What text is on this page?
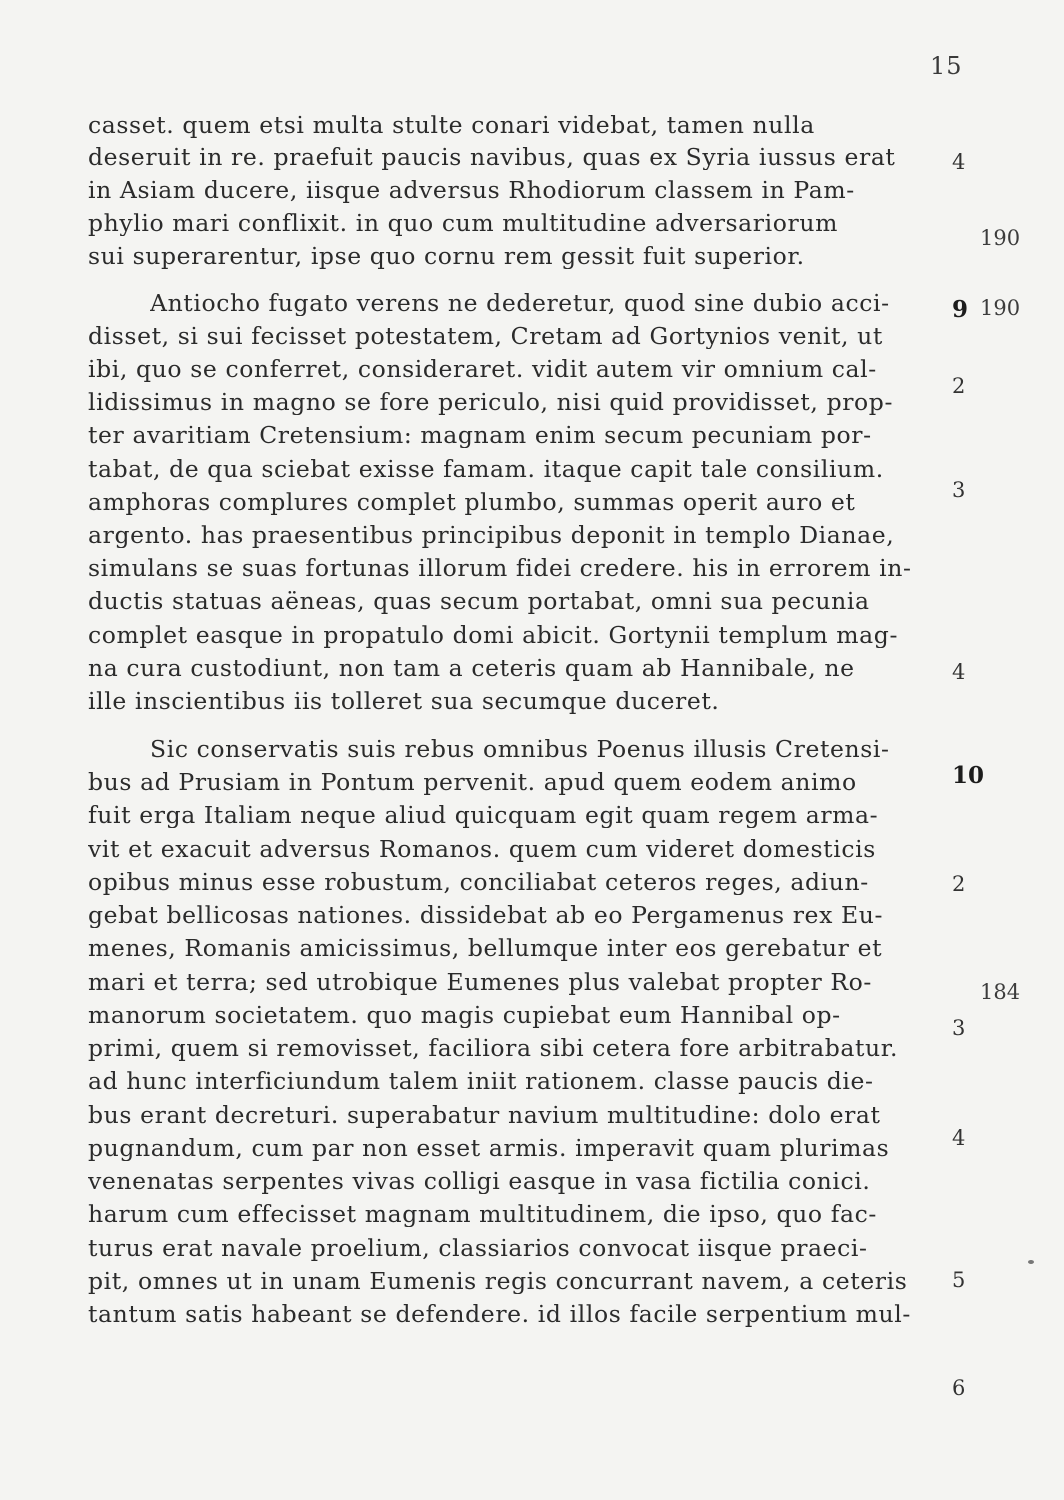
15
casset. quem etsi multa stulte conari videbat, tamen nulla
deseruit in re. praefuit paucis navibus, quas ex Syria iussus erat
in Asiam ducere, iisque adversus Rhodiorum classem in Pam-
phylio mari conflixit. in quo cum multitudine adversariorum
sui superarentur, ipse quo cornu rem gessit fuit superior.
Antiocho fugato verens ne dederetur, quod sine dubio acci-
disset, si sui fecisset potestatem, Cretam ad Gortynios venit, ut
ibi, quo se conferret, consideraret. vidit autem vir omnium cal-
lidissimus in magno se fore periculo, nisi quid providisset, prop-
ter avaritiam Cretensium: magnam enim secum pecuniam por-
tabat, de qua sciebat exisse famam. itaque capit tale consilium.
amphoras complures complet plumbo, summas operit auro et
argento. has praesentibus principibus deponit in templo Dianae,
simulans se suas fortunas illorum fidei credere. his in errorem in-
ductis statuas aëneas, quas secum portabat, omni sua pecunia
complet easque in propatulo domi abicit. Gortynii templum mag-
na cura custodiunt, non tam a ceteris quam ab Hannibale, ne
ille inscientibus iis tolleret sua secumque duceret.
Sic conservatis suis rebus omnibus Poenus illusis Cretensi-
bus ad Prusiam in Pontum pervenit. apud quem eodem animo
fuit erga Italiam neque aliud quicquam egit quam regem arma-
vit et exacuit adversus Romanos. quem cum videret domesticis
opibus minus esse robustum, conciliabat ceteros reges, adiun-
gebat bellicosas nationes. dissidebat ab eo Pergamenus rex Eu-
menes, Romanis amicissimus, bellumque inter eos gerebatur et
mari et terra; sed utrobique Eumenes plus valebat propter Ro-
manorum societatem. quo magis cupiebat eum Hannibal op-
primi, quem si removisset, faciliora sibi cetera fore arbitrabatur.
ad hunc interficiundum talem iniit rationem. classe paucis die-
bus erant decreturi. superabatur navium multitudine: dolo erat
pugnandum, cum par non esset armis. imperavit quam plurimas
venenatas serpentes vivas colligi easque in vasa fictilia conici.
harum cum effecisset magnam multitudinem, die ipso, quo fac-
turus erat navale proelium, classiarios convocat iisque praeci-
pit, omnes ut in unam Eumenis regis concurrant navem, a ceteris
tantum satis habeant se defendere. id illos facile serpentium mul-
4
2
3
4
2
3
4
5
6
9
10
190
190
184
